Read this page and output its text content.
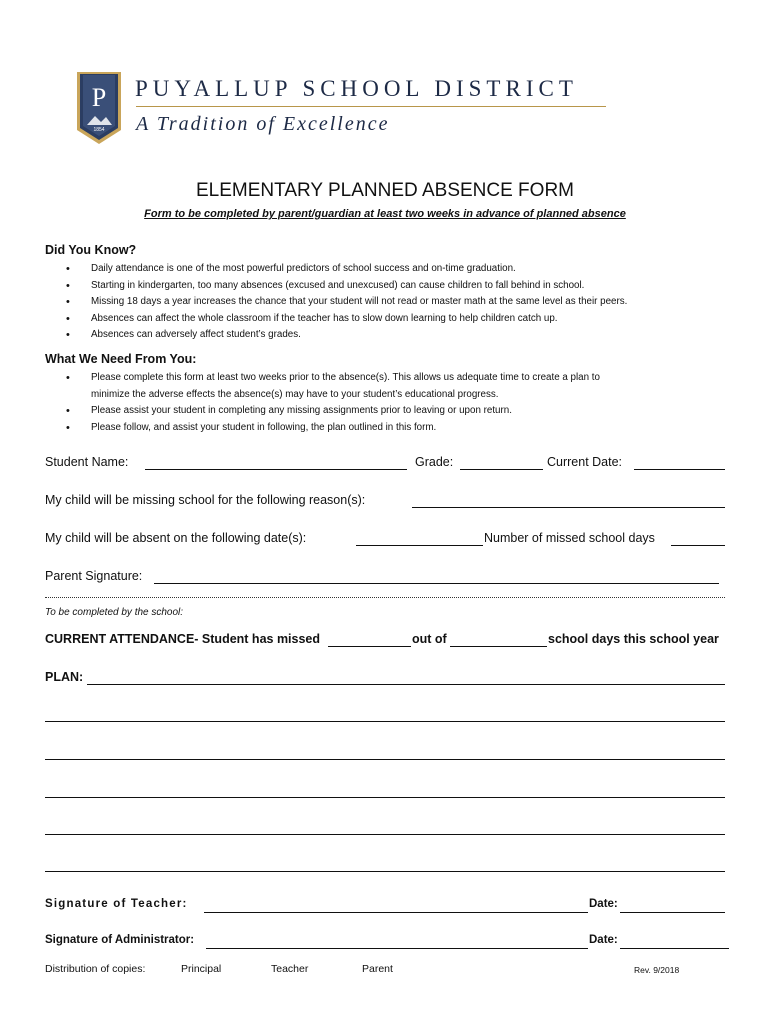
P
1854
PUYALLUP SCHOOL DISTRICT
A Tradition of Excellence
ELEMENTARY PLANNED ABSENCE FORM
Form to be completed by parent/guardian at least two weeks in advance of planned absence
Did You Know?
• Daily attendance is one of the most powerful predictors of school success and on-time graduation.
• Starting in kindergarten, too many absences (excused and unexcused) can cause children to fall behind in school.
• Missing 18 days a year increases the chance that your student will not read or master math at the same level as their peers.
• Absences can affect the whole classroom if the teacher has to slow down learning to help children catch up.
• Absences can adversely affect student’s grades.
What We Need From You:
• Please complete this form at least two weeks prior to the absence(s). This allows us adequate time to create a plan to
minimize the adverse effects the absence(s) may have to your student’s educational progress.
• Please assist your student in completing any missing assignments prior to leaving or upon return.
• Please follow, and assist your student in following, the plan outlined in this form.
Student Name:	Grade:	Current Date:
My child will be missing school for the following reason(s):
My child will be absent on the following date(s):	Number of missed school days
Parent Signature:
To be completed by the school:
CURRENT ATTENDANCE- Student has missed	out of	school days this school year
PLAN:
Signature of Teacher:	Date:
Signature of Administrator:	Date:
Distribution of copies:	Principal	Teacher	Parent	Rev. 9/2018
